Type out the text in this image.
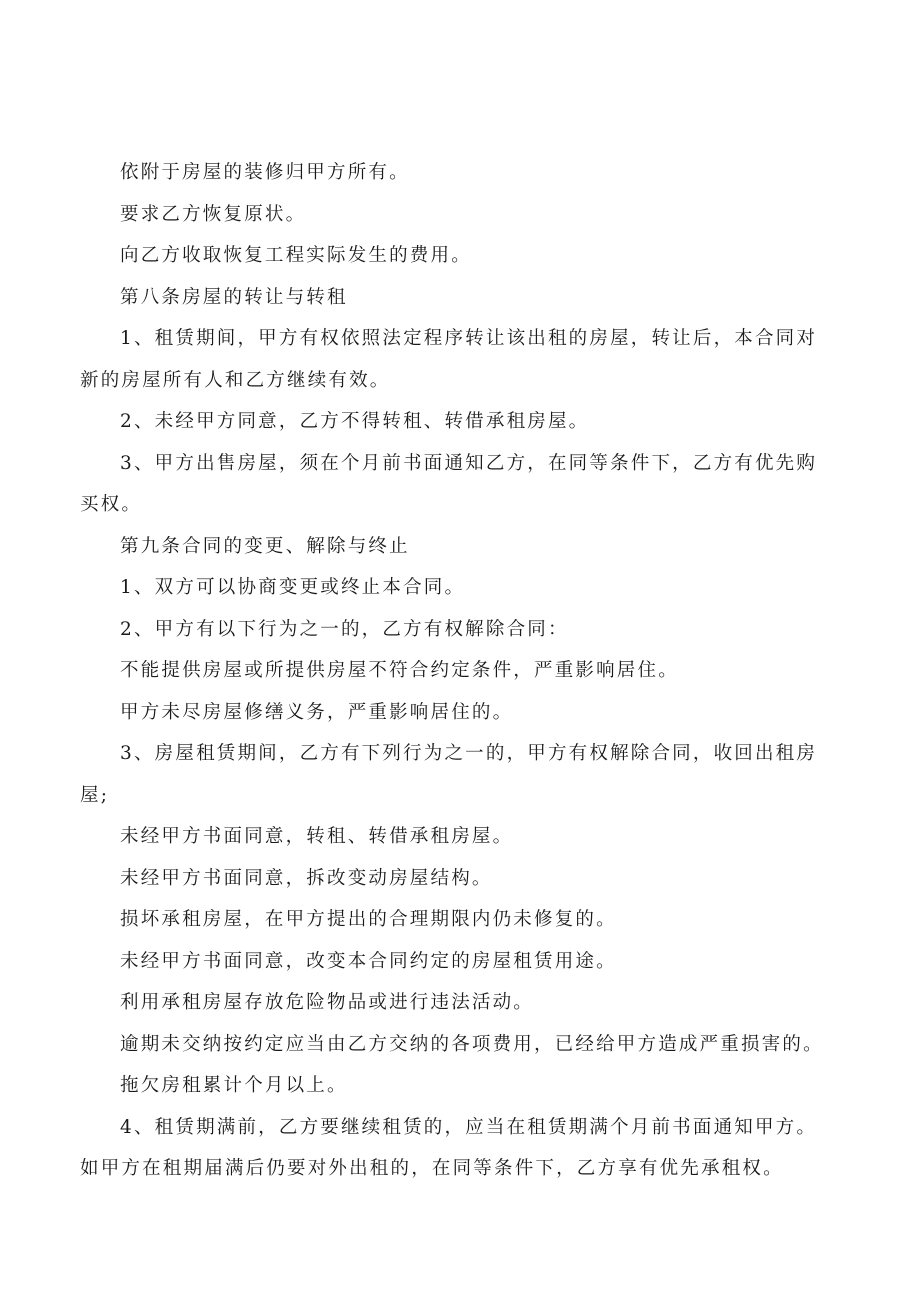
依附于房屋的装修归甲方所有。

要求乙方恢复原状。

向乙方收取恢复工程实际发生的费用。

第八条房屋的转让与转租

1、租赁期间，甲方有权依照法定程序转让该出租的房屋，转让后，本合同对新的房屋所有人和乙方继续有效。

2、未经甲方同意，乙方不得转租、转借承租房屋。

3、甲方出售房屋，须在个月前书面通知乙方，在同等条件下，乙方有优先购买权。

第九条合同的变更、解除与终止

1、双方可以协商变更或终止本合同。

2、甲方有以下行为之一的，乙方有权解除合同：

不能提供房屋或所提供房屋不符合约定条件，严重影响居住。

甲方未尽房屋修缮义务，严重影响居住的。

3、房屋租赁期间，乙方有下列行为之一的，甲方有权解除合同，收回出租房屋;

未经甲方书面同意，转租、转借承租房屋。

未经甲方书面同意，拆改变动房屋结构。

损坏承租房屋，在甲方提出的合理期限内仍未修复的。

未经甲方书面同意，改变本合同约定的房屋租赁用途。

利用承租房屋存放危险物品或进行违法活动。

逾期未交纳按约定应当由乙方交纳的各项费用，已经给甲方造成严重损害的。

拖欠房租累计个月以上。

4、租赁期满前，乙方要继续租赁的，应当在租赁期满个月前书面通知甲方。如甲方在租期届满后仍要对外出租的，在同等条件下，乙方享有优先承租权。
